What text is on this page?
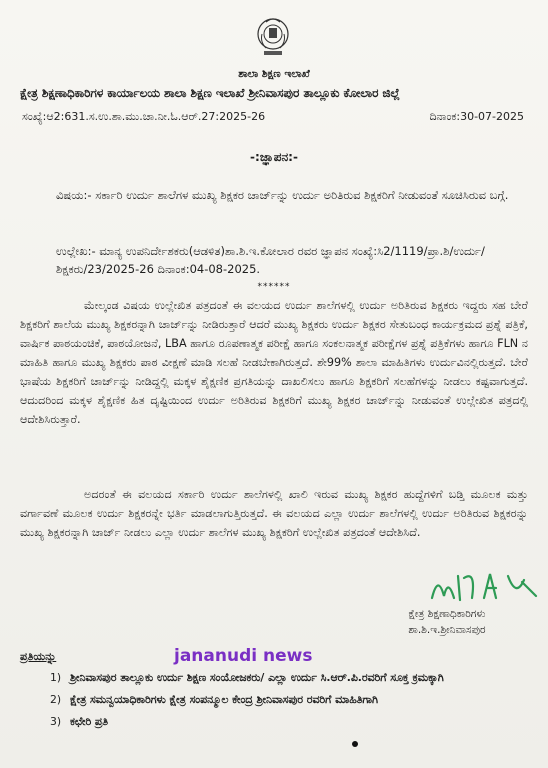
ಶಾಲಾ ಶಿಕ್ಷಣ ಇಲಾಖೆ
ಕ್ಷೇತ್ರ ಶಿಕ್ಷಣಾಧಿಕಾರಿಗಳ ಕಾರ್ಯಾಲಯ ಶಾಲಾ ಶಿಕ್ಷಣ ಇಲಾಖೆ ಶ್ರೀನಿವಾಸಪುರ ತಾಲ್ಲೂಕು ಕೋಲಾರ ಜಿಲ್ಲೆ
ಸಂಖ್ಯೆ:ಆ2:631.ಸ.ಉ.ಶಾ.ಮು.ಚಾ.ನೀ.ಓ.ಆರ್.27:2025-26	ದಿನಾಂಕ:30-07-2025
-:ಜ್ಞಾಪನ:-
ವಿಷಯ:- ಸರ್ಕಾರಿ ಉರ್ದು ಶಾಲೆಗಳ ಮುಖ್ಯ ಶಿಕ್ಷಕರ ಚಾರ್ಜ್‌ನ್ನು ಉರ್ದು ಅರಿತಿರುವ ಶಿಕ್ಷಕರಿಗೆ ನೀಡುವಂತೆ ಸೂಚಿಸಿರುವ ಬಗ್ಗೆ.
ಉಲ್ಲೇಖ:- ಮಾನ್ಯ ಉಪನಿರ್ದೇಶಕರು(ಆಡಳಿತ)ಶಾ.ಶಿ.ಇ.ಕೋಲಾರ ರವರ ಜ್ಞಾಪನ ಸಂಖ್ಯೆ:ಸಿ2/1119/ಪ್ರಾ.ಶಿ/ಉರ್ದು/ ಶಿಕ್ಷಕರು/23/2025-26 ದಿನಾಂಕ:04-08-2025.
******
ಮೇಲ್ಕಂಡ ವಿಷಯ ಉಲ್ಲೇಖಿತ ಪತ್ರದಂತೆ ಈ ವಲಯದ ಉರ್ದು ಶಾಲೆಗಳಲ್ಲಿ ಉರ್ದು ಅರಿತಿರುವ ಶಿಕ್ಷಕರು ಇದ್ದರು ಸಹ ಬೇರೆ ಶಿಕ್ಷಕರಿಗೆ ಶಾಲೆಯ ಮುಖ್ಯ ಶಿಕ್ಷಕರನ್ನಾಗಿ ಚಾರ್ಜ್‌ನ್ನು ನೀಡಿರುತ್ತಾರೆ ಆದರೆ ಮುಖ್ಯ ಶಿಕ್ಷಕರು ಉರ್ದು ಶಿಕ್ಷಕರ ಸೇತುಬಂಧ ಕಾರ್ಯಕ್ರಮದ ಪ್ರಶ್ನೆ ಪತ್ರಿಕೆ, ವಾರ್ಷಿಕ ಪಾಠಯಂಚಿಕೆ, ಪಾಠಯೋಜನೆ, LBA ಹಾಗೂ ರೂಪಣಾತ್ಮಕ ಪರೀಕ್ಷೆ ಹಾಗೂ ಸಂಕಲನಾತ್ಮಕ ಪರೀಕ್ಷೆಗಳ ಪ್ರಶ್ನೆ ಪತ್ರಿಕೆಗಳು ಹಾಗೂ FLN ನ ಮಾಹಿತಿ ಹಾಗೂ ಮುಖ್ಯ ಶಿಕ್ಷಕರು ಪಾಠ ವೀಕ್ಷಣೆ ಮಾಡಿ ಸಲಹೆ ನೀಡಬೇಕಾಗಿರುತ್ತದೆ. ಶೇ99% ಶಾಲಾ ಮಾಹಿತಿಗಳು ಉರ್ದುವಿನಲ್ಲಿರುತ್ತದೆ. ಬೇರೆ ಭಾಷೆಯ ಶಿಕ್ಷಕರಿಗೆ ಚಾರ್ಜ್‌ನ್ನು ನೀಡಿದ್ದಲ್ಲಿ ಮಕ್ಕಳ ಶೈಕ್ಷಣಿಕ ಪ್ರಗತಿಯನ್ನು ದಾಖಲಿಸಲು ಹಾಗೂ ಶಿಕ್ಷಕರಿಗೆ ಸಲಹೆಗಳನ್ನು ನೀಡಲು ಕಷ್ಟವಾಗುತ್ತದೆ. ಆದುದರಿಂದ ಮಕ್ಕಳ ಶೈಕ್ಷಣಿಕ ಹಿತ ದೃಷ್ಟಿಯಿಂದ ಉರ್ದು ಅರಿತಿರುವ ಶಿಕ್ಷಕರಿಗೆ ಮುಖ್ಯ ಶಿಕ್ಷಕರ ಚಾರ್ಜ್‌ನ್ನು ನೀಡುವಂತೆ ಉಲ್ಲೇಖಿತ ಪತ್ರದಲ್ಲಿ ಆದೇಶಿಸಿರುತ್ತಾರೆ.
ಅದರಂತೆ ಈ ವಲಯದ ಸರ್ಕಾರಿ ಉರ್ದು ಶಾಲೆಗಳಲ್ಲಿ ಖಾಲಿ ಇರುವ ಮುಖ್ಯ ಶಿಕ್ಷಕರ ಹುದ್ದೆಗಳಿಗೆ ಬಡ್ತಿ ಮೂಲಕ ಮತ್ತು ವರ್ಗಾವಣೆ ಮೂಲಕ ಉರ್ದು ಶಿಕ್ಷಕರನ್ನೇ ಭರ್ತಿ ಮಾಡಲಾಗುತ್ತಿರುತ್ತದೆ. ಈ ವಲಯದ ಎಲ್ಲಾ ಉರ್ದು ಶಾಲೆಗಳಲ್ಲಿ ಉರ್ದು ಅರಿತಿರುವ ಶಿಕ್ಷಕರನ್ನು ಮುಖ್ಯ ಶಿಕ್ಷಕರನ್ನಾಗಿ ಚಾರ್ಜ್ ನೀಡಲು ಎಲ್ಲಾ ಉರ್ದು ಶಾಲೆಗಳ ಮುಖ್ಯ ಶಿಕ್ಷಕರಿಗೆ ಉಲ್ಲೇಖಿತ ಪತ್ರದಂತೆ ಆದೇಶಿಸಿದೆ.
ಕ್ಷೇತ್ರ ಶಿಕ್ಷಣಾಧಿಕಾರಿಗಳು
ಶಾ.ಶಿ.ಇ.ಶ್ರೀನಿವಾಸಪುರ
ಪ್ರತಿಯನ್ನು	jananudi news
1) ಶ್ರೀನಿವಾಸಪುರ ತಾಲ್ಲೂಕು ಉರ್ದು ಶಿಕ್ಷಣ ಸಂಯೋಜಕರು/ ಎಲ್ಲಾ ಉರ್ದು ಸಿ.ಆರ್.ಪಿ.ರವರಿಗೆ ಸೂಕ್ತ ಕ್ರಮಕ್ಕಾಗಿ
2) ಕ್ಷೇತ್ರ ಸಮನ್ವಯಾಧಿಕಾರಿಗಳು ಕ್ಷೇತ್ರ ಸಂಪನ್ಮೂಲ ಕೇಂದ್ರ ಶ್ರೀನಿವಾಸಪುರ ರವರಿಗೆ ಮಾಹಿತಿಗಾಗಿ
3) ಕಛೇರಿ ಪ್ರತಿ
